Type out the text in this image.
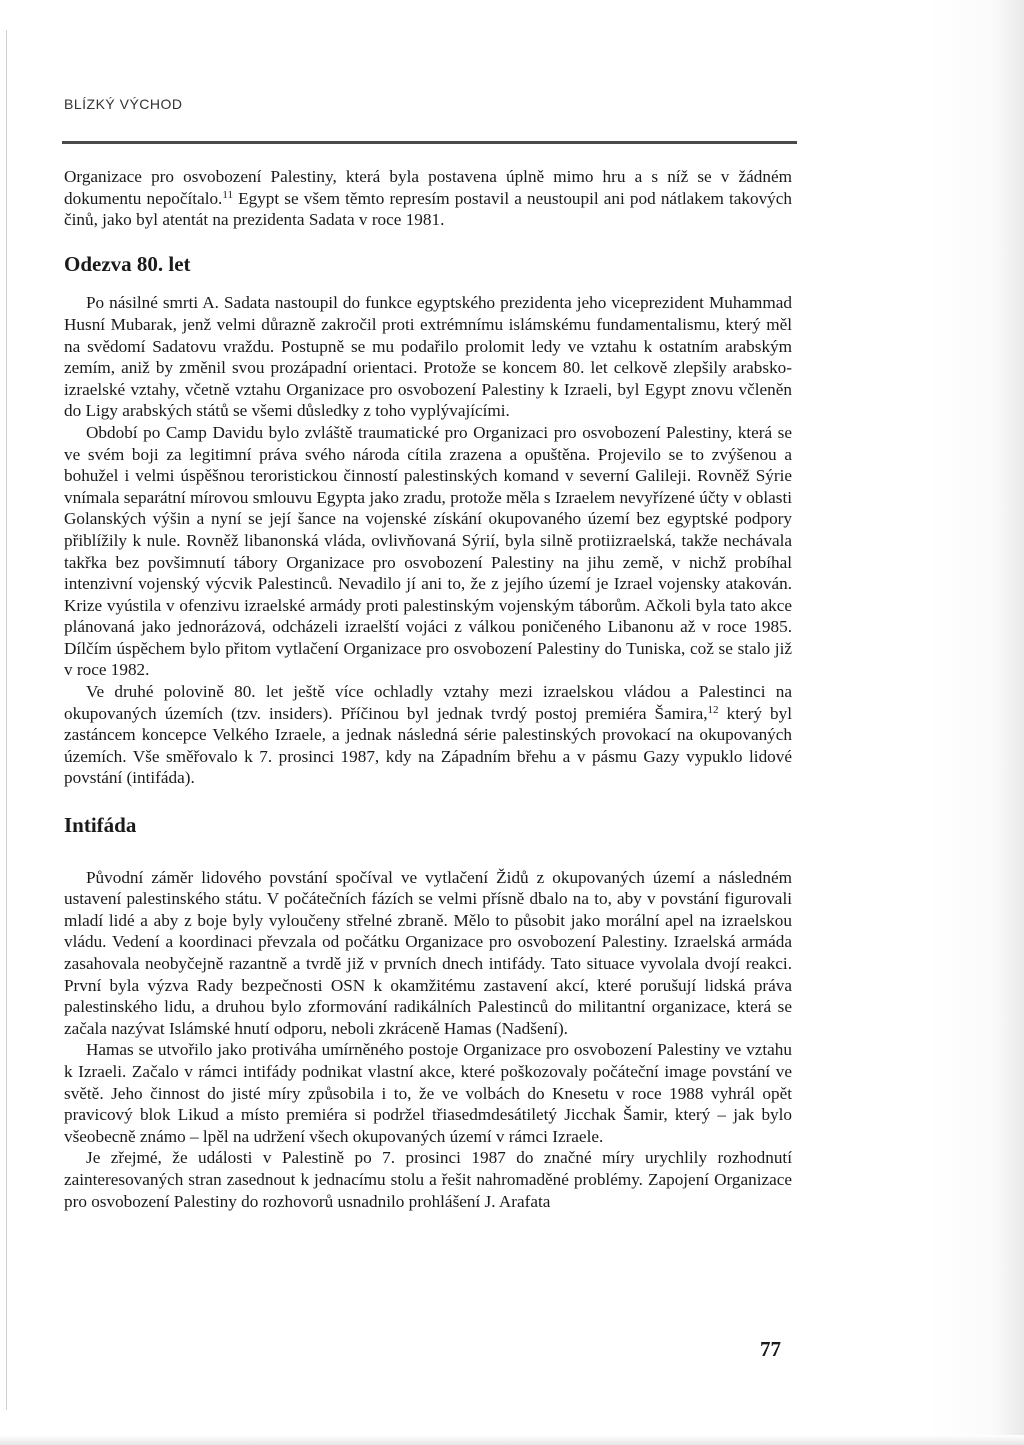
BLÍZKÝ VÝCHOD

Organizace pro osvobození Palestiny, která byla postavena úplně mimo hru a s níž se v žádném dokumentu nepočítalo.$^{11}$ Egypt se všem těmto represím postavil a neustoupil ani pod nátlakem takových činů, jako byl atentát na prezidenta Sadata v roce 1981.

Odezva 80. let

Po násilné smrti A. Sadata nastoupil do funkce egyptského prezidenta jeho viceprezident Muhammad Husní Mubarak, jenž velmi důrazně zakročil proti extrémnímu islámskému fundamentalismu, který měl na svědomí Sadatovu vraždu. Postupně se mu podařilo prolomit ledy ve vztahu k ostatním arabským zemím, aniž by změnil svou prozápadní orientaci. Protože se koncem 80. let celkově zlepšily arabsko-izraelské vztahy, včetně vztahu Organizace pro osvobození Palestiny k Izraeli, byl Egypt znovu včleněn do Ligy arabských států se všemi důsledky z toho vyplývajícími.

Období po Camp Davidu bylo zvláště traumatické pro Organizaci pro osvobození Palestiny, která se ve svém boji za legitimní práva svého národa cítila zrazena a opuštěna. Projevilo se to zvýšenou a bohužel i velmi úspěšnou teroristickou činností palestinských komand v severní Galileji. Rovněž Sýrie vnímala separátní mírovou smlouvu Egypta jako zradu, protože měla s Izraelem nevyřízené účty v oblasti Golanských výšin a nyní se její šance na vojenské získání okupovaného území bez egyptské podpory přiblížily k nule. Rovněž libanonská vláda, ovlivňovaná Sýrií, byla silně protiizraelská, takže nechávala takřka bez povšimnutí tábory Organizace pro osvobození Palestiny na jihu země, v nichž probíhal intenzivní vojenský výcvik Palestinců. Nevadilo jí ani to, že z jejího území je Izrael vojensky atakován. Krize vyústila v ofenzivu izraelské armády proti palestinským vojenským táborům. Ačkoli byla tato akce plánovaná jako jednorázová, odcházeli izraelští vojáci z válkou poničeného Libanonu až v roce 1985. Dílčím úspěchem bylo přitom vytlačení Organizace pro osvobození Palestiny do Tuniska, což se stalo již v roce 1982.

Ve druhé polovině 80. let ještě více ochladly vztahy mezi izraelskou vládou a Palestinci na okupovaných územích (tzv. insiders). Příčinou byl jednak tvrdý postoj premiéra Šamira,$^{12}$ který byl zastáncem koncepce Velkého Izraele, a jednak následná série palestinských provokací na okupovaných územích. Vše směřovalo k 7. prosinci 1987, kdy na Západním břehu a v pásmu Gazy vypuklo lidové povstání (intifáda).

Intifáda

Původní záměr lidového povstání spočíval ve vytlačení Židů z okupovaných území a následném ustavení palestinského státu. V počátečních fázích se velmi přísně dbalo na to, aby v povstání figurovali mladí lidé a aby z boje byly vyloučeny střelné zbraně. Mělo to působit jako morální apel na izraelskou vládu. Vedení a koordinaci převzala od počátku Organizace pro osvobození Palestiny. Izraelská armáda zasahovala neobyčejně razantně a tvrdě již v prvních dnech intifády. Tato situace vyvolala dvojí reakci. První byla výzva Rady bezpečnosti OSN k okamžitému zastavení akcí, které porušují lidská práva palestinského lidu, a druhou bylo zformování radikálních Palestinců do militantní organizace, která se začala nazývat Islámské hnutí odporu, neboli zkráceně Hamas (Nadšení).

Hamas se utvořilo jako protiváha umírněného postoje Organizace pro osvobození Palestiny ve vztahu k Izraeli. Začalo v rámci intifády podnikat vlastní akce, které poškozovaly počáteční image povstání ve světě. Jeho činnost do jisté míry způsobila i to, že ve volbách do Knesetu v roce 1988 vyhrál opět pravicový blok Likud a místo premiéra si podržel třiasedmdesátiletý Jicchak Šamir, který – jak bylo všeobecně známo – lpěl na udržení všech okupovaných území v rámci Izraele.

Je zřejmé, že události v Palestině po 7. prosinci 1987 do značné míry urychlily rozhodnutí zainteresovaných stran zasednout k jednacímu stolu a řešit nahromaděné problémy. Zapojení Organizace pro osvobození Palestiny do rozhovorů usnadnilo prohlášení J. Arafata

77
